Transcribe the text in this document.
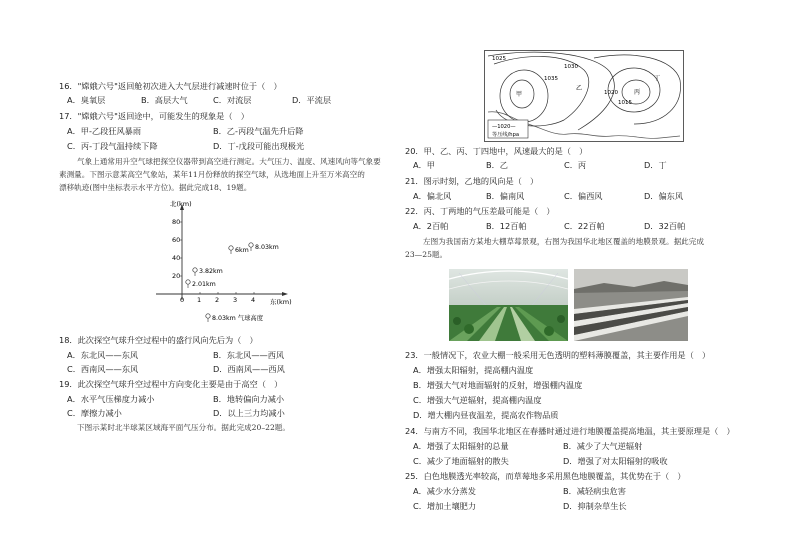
16．"嫦娥六号"返回舱初次进入大气层进行减速时位于（　）
A．臭氧层	B．高层大气	C．对流层	D．平流层
17．"嫦娥六号"返回途中，可能发生的现象是（　）
A．甲-乙段狂风暴雨	B．乙-丙段气温先升后降
C．丙-丁段气温持续下降	D．丁-戊段可能出现极光
气象上通常用升空气球把探空仪器带到高空进行测定。大气压力、温度、风速风向等气象要
素测量。下图示意某高空气象站，某年11月份释放的探空气球，从选地面上升至万米高空的
漂移轨迹(图中坐标表示水平方位)。据此完成18、19题。
北(km)
东(km)
80
60
40
20
0 1 2 3 4
3.82km
2.01km
6km 8.03km
8.03km 气球高度
18．此次探空气球升空过程中的盛行风向先后为（　）
A．东北风——东风	B．东北风——西风
C．西南风——东风	D．西南风——西风
19．此次探空气球升空过程中方向变化主要是由于高空（　）
A．水平气压梯度力减小	B．地转偏向力减小
C．摩擦力减小	D．以上三力均减小
下图示某时北半球某区域海平面气压分布。据此完成20–22题。
1025
1035
1030
1020
1015
甲
乙
丙
丁
—1020—
等压线/hpa
20．甲、乙、丙、丁四地中，风速最大的是（　）
A．甲	B．乙	C．丙	D．丁
21．图示时刻，乙地的风向是（　）
A．偏北风	B．偏南风	C．偏西风	D．偏东风
22．丙、丁两地的气压差最可能是（　）
A．2百帕	B．12百帕	C．22百帕	D．32百帕
左图为我国南方某地大棚草莓景观，右图为我国华北地区覆盖的地膜景观。据此完成
23—25题。
23．一般情况下，农业大棚一般采用无色透明的塑料薄膜覆盖，其主要作用是（　）
A．增强太阳辐射，提高棚内温度
B．增强大气对地面辐射的反射，增强棚内温度
C．增强大气逆辐射，提高棚内温度
D．增大棚内昼夜温差，提高农作物品质
24．与南方不同，我国华北地区在春播时通过进行地膜覆盖提高地温，其主要原理是（　）
A．增强了太阳辐射的总量	B．减少了大气逆辐射
C．减少了地面辐射的散失	D．增强了对太阳辐射的吸收
25．白色地膜透光率较高，而草莓地多采用黑色地膜覆盖，其优势在于（　）
A．减少水分蒸发	B．减轻病虫危害
C．增加土壤肥力	D．抑制杂草生长
